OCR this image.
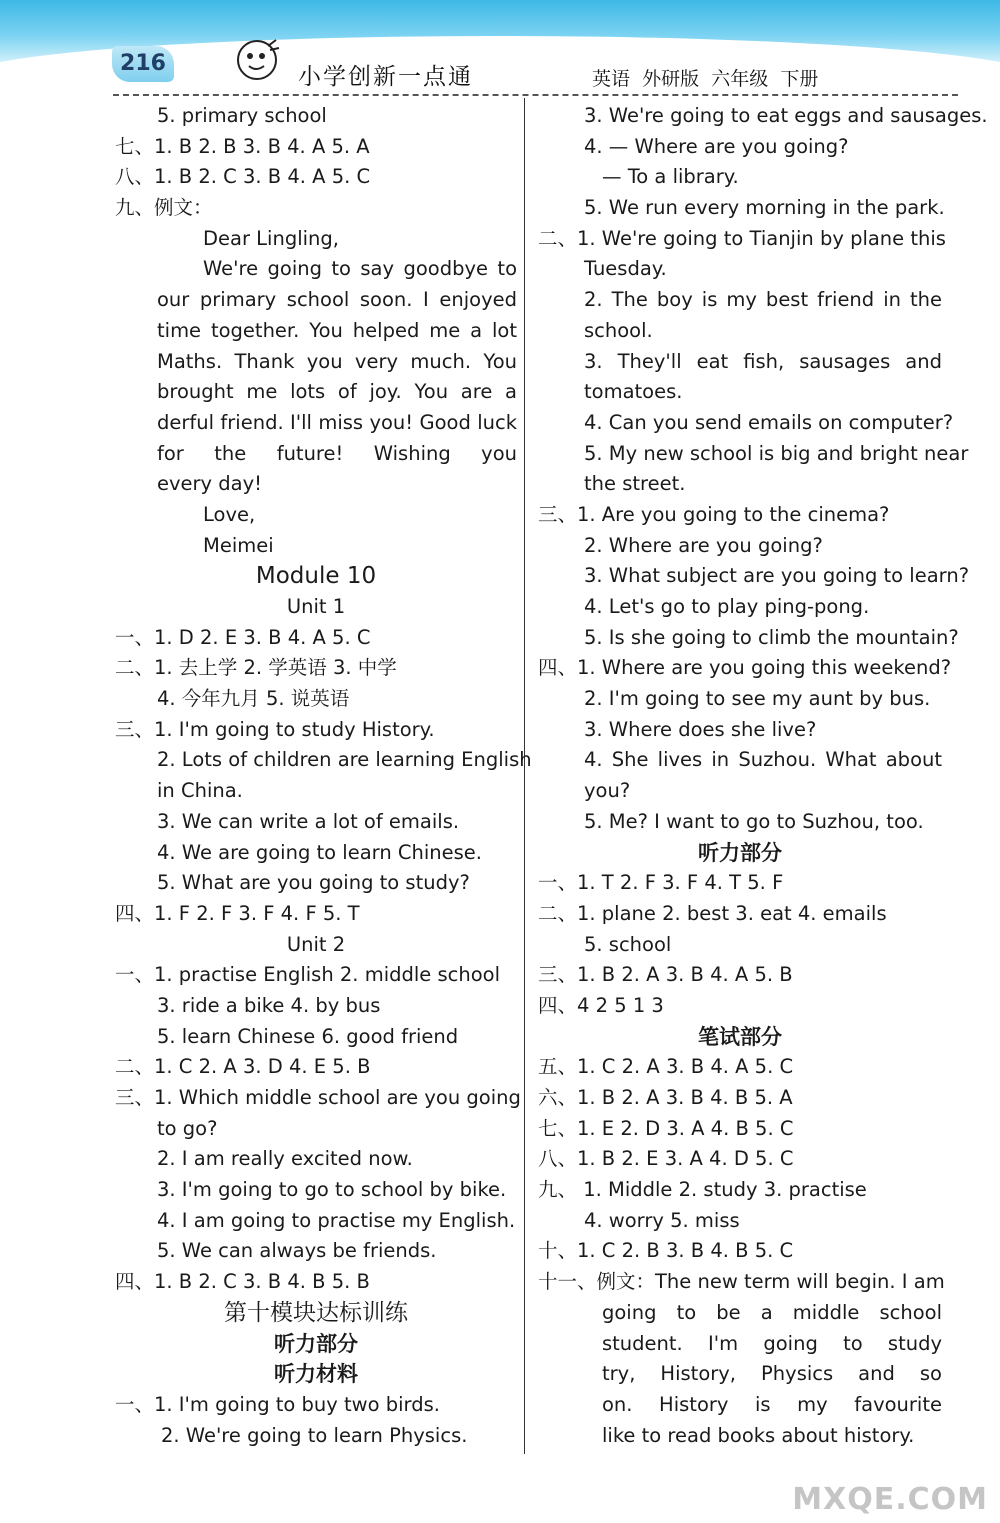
216
小学创新一点通	英语 外研版 六年级 下册
5. primary school
七、1. B 2. B 3. B 4. A 5. A
八、1. B 2. C 3. B 4. A 5. C
九、例文：
Dear Lingling,
We're going to say goodbye to
our primary school soon. I enjoyed
time together. You helped me a lot
Maths. Thank you very much. You
brought me lots of joy. You are a
derful friend. I'll miss you! Good luck
for the future! Wishing you
every day!
Love,
Meimei
Module 10
Unit 1
一、1. D 2. E 3. B 4. A 5. C
二、1. 去上学 2. 学英语 3. 中学
4. 今年九月 5. 说英语
三、1. I'm going to study History.
2. Lots of children are learning English
in China.
3. We can write a lot of emails.
4. We are going to learn Chinese.
5. What are you going to study?
四、1. F 2. F 3. F 4. F 5. T
Unit 2
一、1. practise English 2. middle school
3. ride a bike 4. by bus
5. learn Chinese 6. good friend
二、1. C 2. A 3. D 4. E 5. B
三、1. Which middle school are you going
to go?
2. I am really excited now.
3. I'm going to go to school by bike.
4. I am going to practise my English.
5. We can always be friends.
四、1. B 2. C 3. B 4. B 5. B
第十模块达标训练
听力部分
听力材料
一、1. I'm going to buy two birds.
2. We're going to learn Physics.
3. We're going to eat eggs and sausages.
4. — Where are you going?
— To a library.
5. We run every morning in the park.
二、1. We're going to Tianjin by plane this
Tuesday.
2. The boy is my best friend in the
school.
3. They'll eat fish, sausages and
tomatoes.
4. Can you send emails on computer?
5. My new school is big and bright near
the street.
三、1. Are you going to the cinema?
2. Where are you going?
3. What subject are you going to learn?
4. Let's go to play ping-pong.
5. Is she going to climb the mountain?
四、1. Where are you going this weekend?
2. I'm going to see my aunt by bus.
3. Where does she live?
4. She lives in Suzhou. What about
you?
5. Me? I want to go to Suzhou, too.
听力部分
一、1. T 2. F 3. F 4. T 5. F
二、1. plane 2. best 3. eat 4. emails
5. school
三、1. B 2. A 3. B 4. A 5. B
四、4 2 5 1 3
笔试部分
五、1. C 2. A 3. B 4. A 5. C
六、1. B 2. A 3. B 4. B 5. A
七、1. E 2. D 3. A 4. B 5. C
八、1. B 2. E 3. A 4. D 5. C
九、 1. Middle 2. study 3. practise
4. worry 5. miss
十、1. C 2. B 3. B 4. B 5. C
十一、例文：The new term will begin. I am
going to be a middle school
student. I'm going to study
try, History, Physics and so
on. History is my favourite
like to read books about history.
MXQE.COM
